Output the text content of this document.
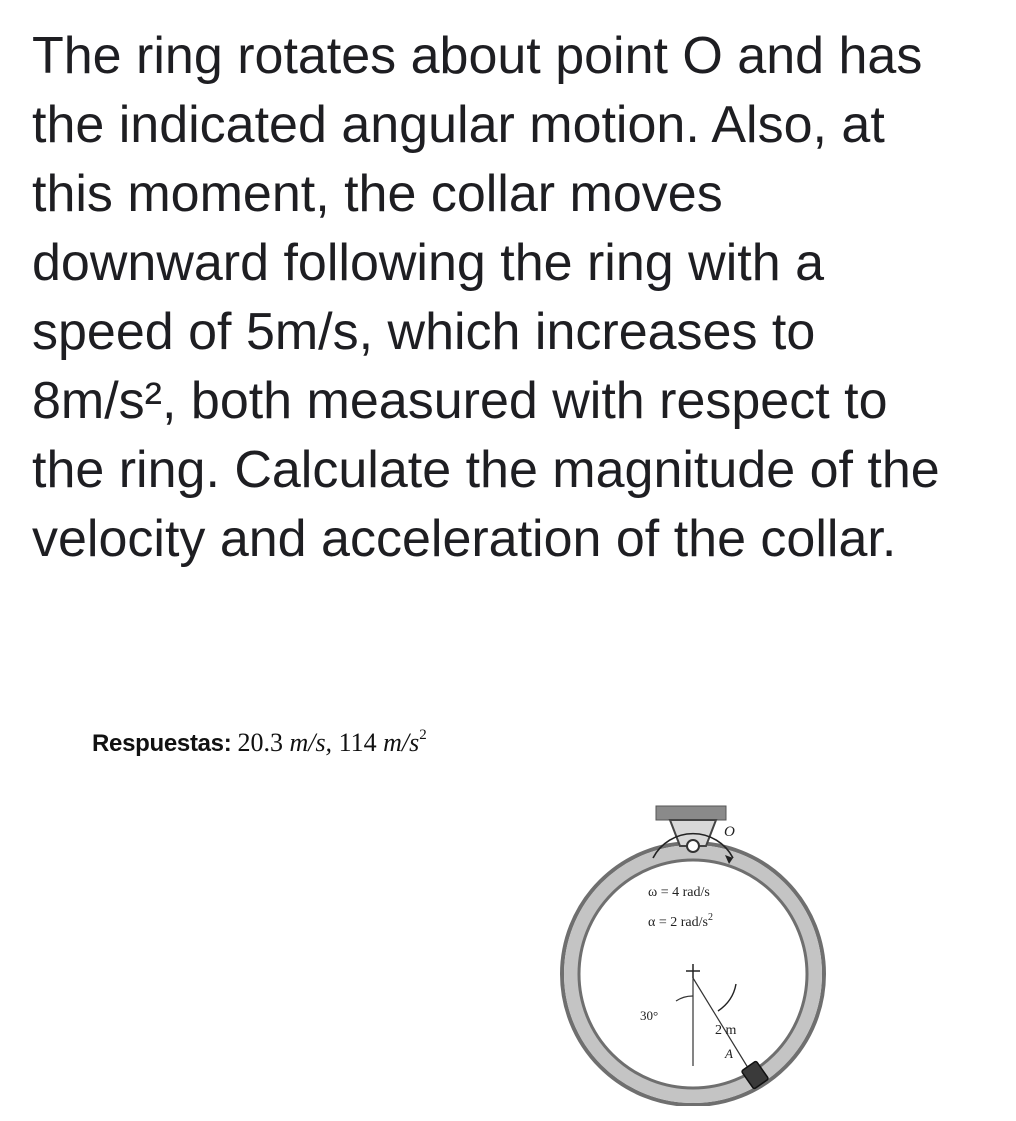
The ring rotates about point O and has
the indicated angular motion. Also, at
this moment, the collar moves
downward following the ring with a
speed of 5m/s, which increases to
8m/s², both measured with respect to
the ring. Calculate the magnitude of the
velocity and acceleration of the collar.
Respuestas: 20.3 m/s, 114 $m/s^2$
O
ω = 4 rad/s
α = 2 rad/$s^2$
30°
2 m
A
